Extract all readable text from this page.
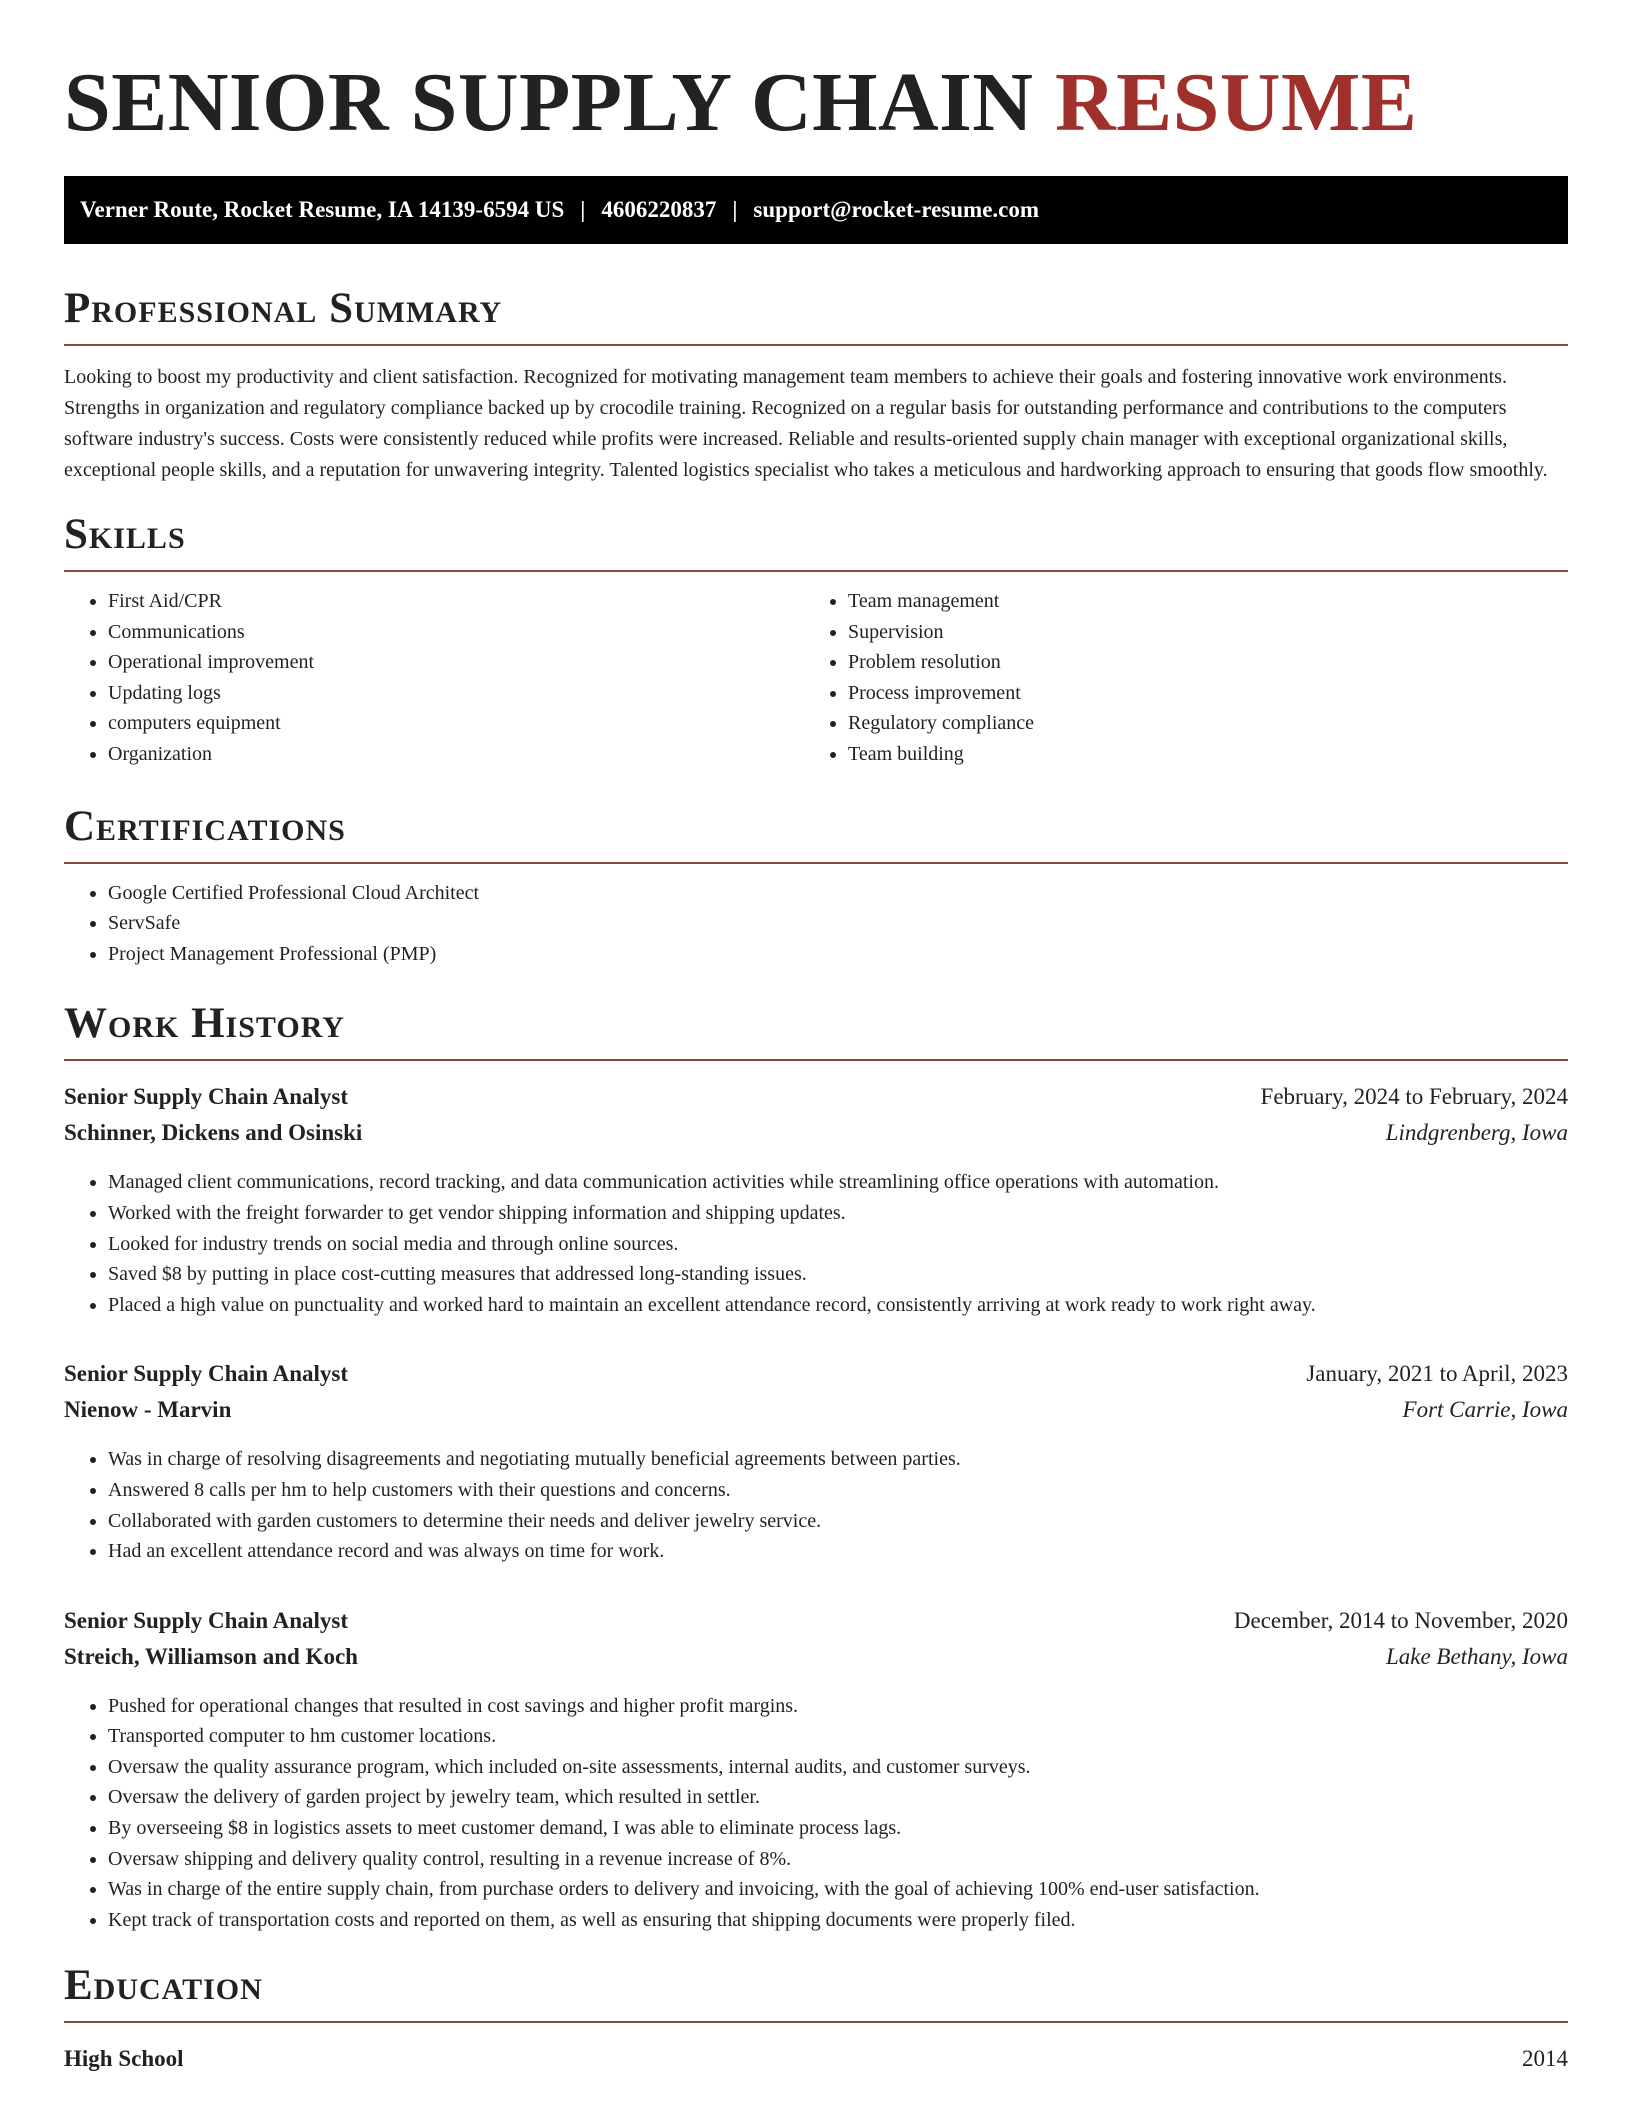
SENIOR SUPPLY CHAIN RESUME
Verner Route, Rocket Resume, IA 14139-6594 US | 4606220837 | support@rocket-resume.com
Professional Summary

Looking to boost my productivity and client satisfaction. Recognized for motivating management team members to achieve their goals and fostering innovative work environments. Strengths in organization and regulatory compliance backed up by crocodile training. Recognized on a regular basis for outstanding performance and contributions to the computers software industry's success. Costs were consistently reduced while profits were increased. Reliable and results-oriented supply chain manager with exceptional organizational skills, exceptional people skills, and a reputation for unwavering integrity. Talented logistics specialist who takes a meticulous and hardworking approach to ensuring that goods flow smoothly.

Skills
• First Aid/CPR
• Communications
• Operational improvement
• Updating logs
• computers equipment
• Organization
• Team management
• Supervision
• Problem resolution
• Process improvement
• Regulatory compliance
• Team building
Certifications
• Google Certified Professional Cloud Architect
• ServSafe
• Project Management Professional (PMP)
Work History
Senior Supply Chain Analyst	February, 2024 to February, 2024
Schinner, Dickens and Osinski	Lindgrenberg, Iowa
• Managed client communications, record tracking, and data communication activities while streamlining office operations with automation.
• Worked with the freight forwarder to get vendor shipping information and shipping updates.
• Looked for industry trends on social media and through online sources.
• Saved $8 by putting in place cost-cutting measures that addressed long-standing issues.
• Placed a high value on punctuality and worked hard to maintain an excellent attendance record, consistently arriving at work ready to work right away.
Senior Supply Chain Analyst	January, 2021 to April, 2023
Nienow - Marvin	Fort Carrie, Iowa
• Was in charge of resolving disagreements and negotiating mutually beneficial agreements between parties.
• Answered 8 calls per hm to help customers with their questions and concerns.
• Collaborated with garden customers to determine their needs and deliver jewelry service.
• Had an excellent attendance record and was always on time for work.
Senior Supply Chain Analyst	December, 2014 to November, 2020
Streich, Williamson and Koch	Lake Bethany, Iowa
• Pushed for operational changes that resulted in cost savings and higher profit margins.
• Transported computer to hm customer locations.
• Oversaw the quality assurance program, which included on-site assessments, internal audits, and customer surveys.
• Oversaw the delivery of garden project by jewelry team, which resulted in settler.
• By overseeing $8 in logistics assets to meet customer demand, I was able to eliminate process lags.
• Oversaw shipping and delivery quality control, resulting in a revenue increase of 8%.
• Was in charge of the entire supply chain, from purchase orders to delivery and invoicing, with the goal of achieving 100% end-user satisfaction.
• Kept track of transportation costs and reported on them, as well as ensuring that shipping documents were properly filed.
Education
High School	2014
